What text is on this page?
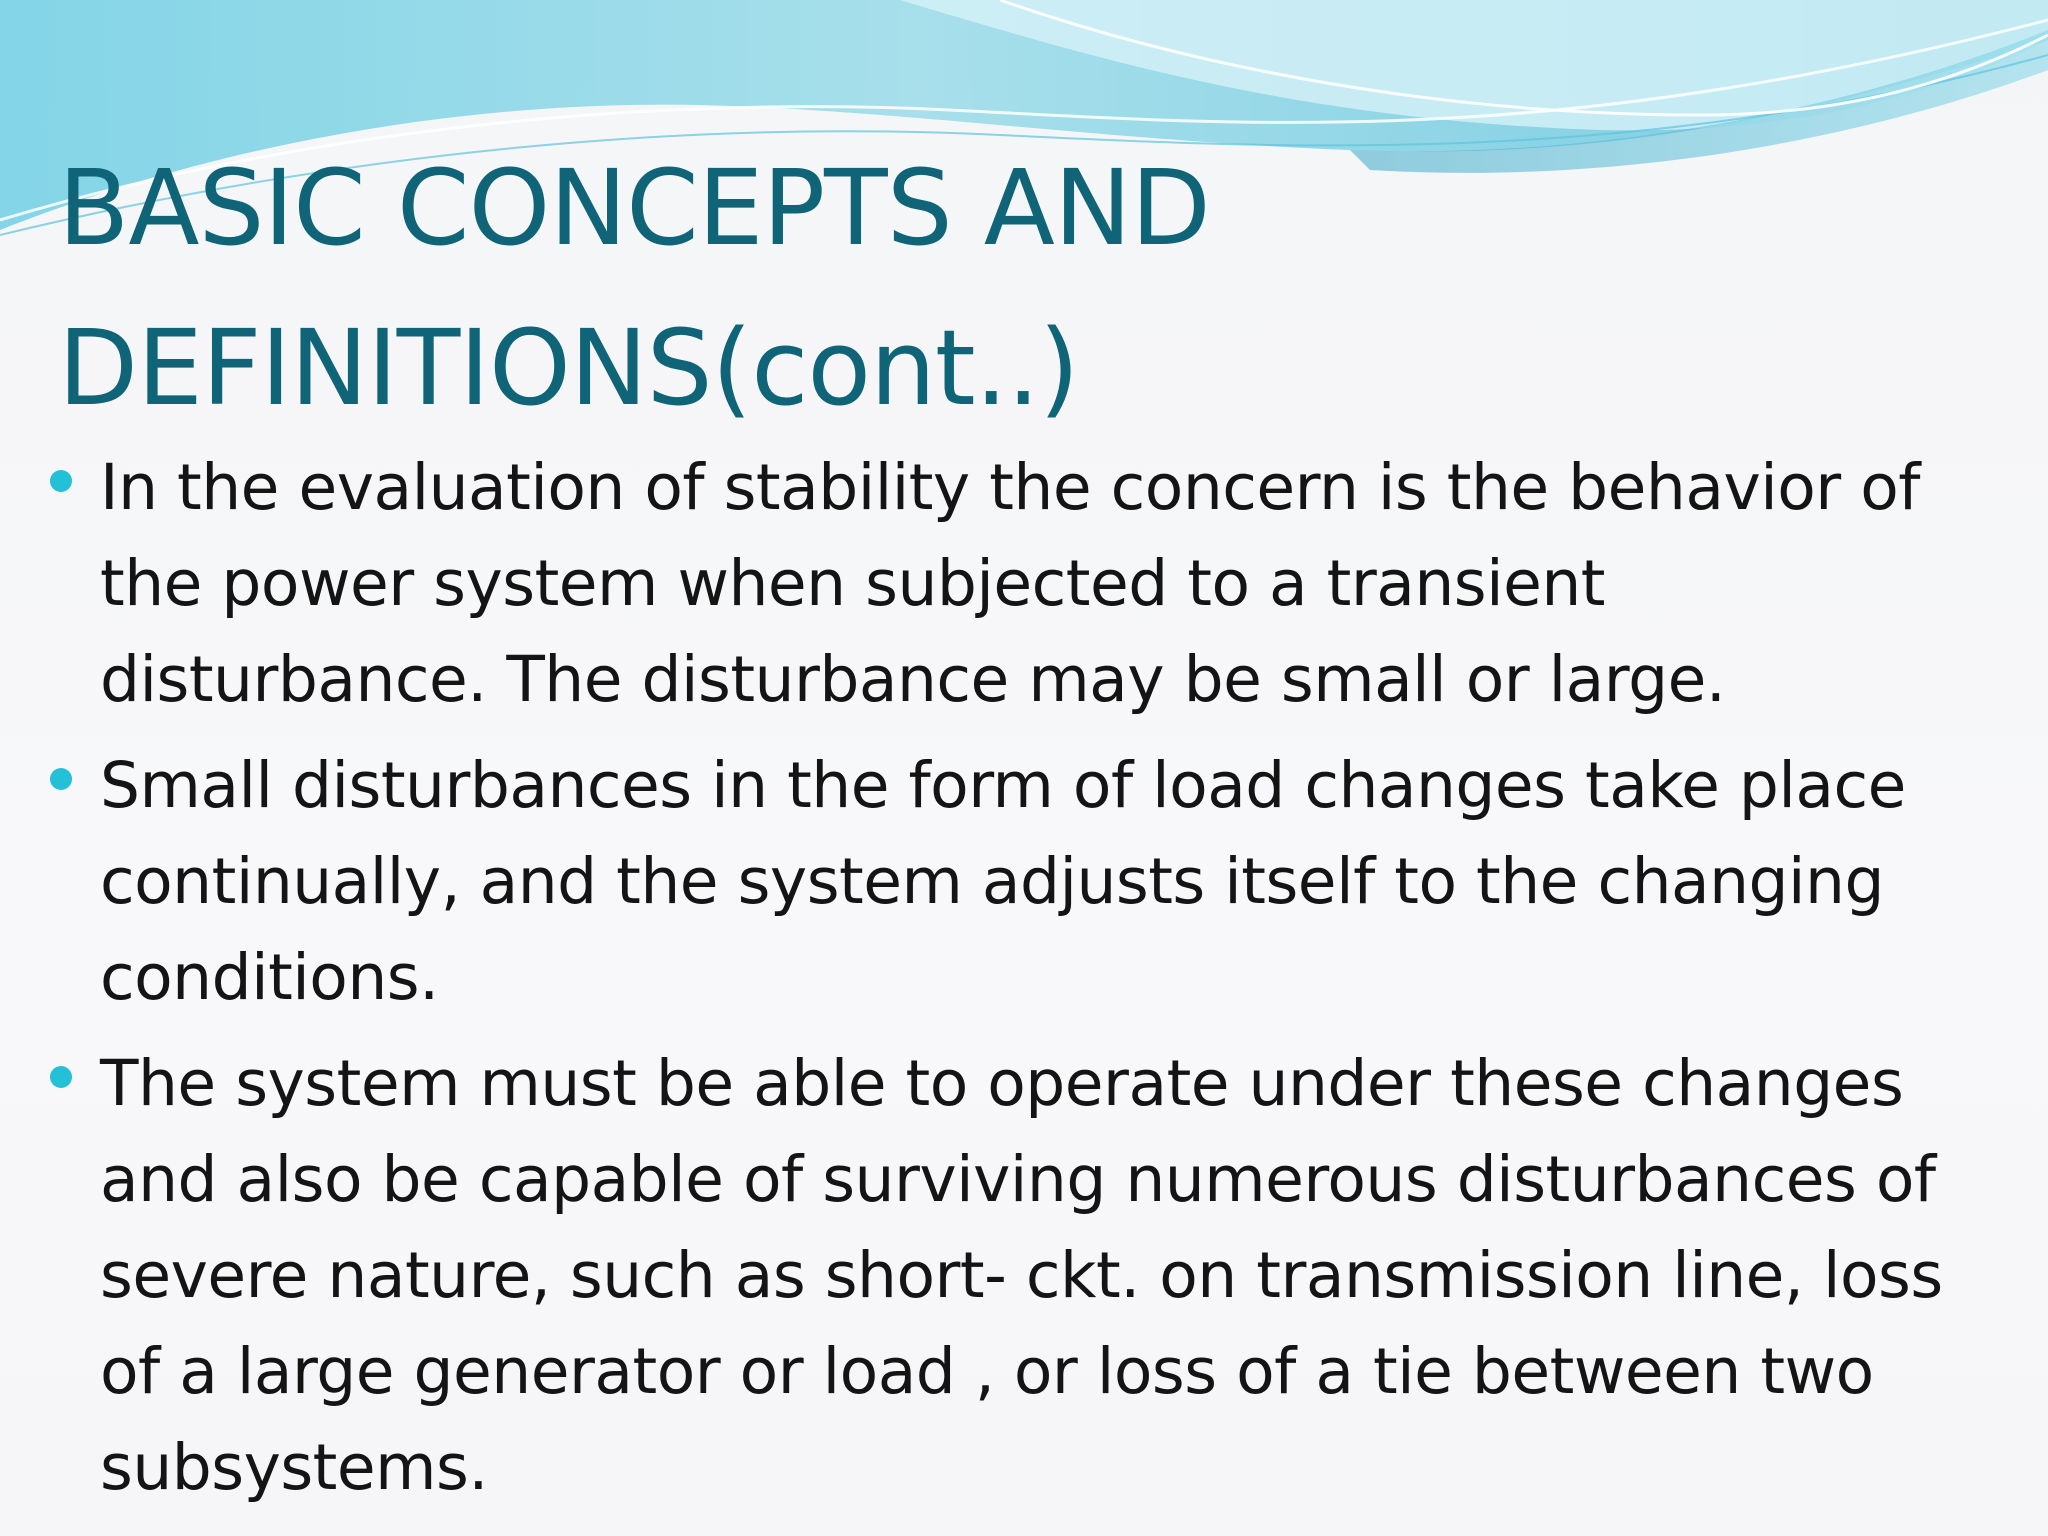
BASIC CONCEPTS AND
DEFINITIONS(cont..)
In the evaluation of stability the concern is the behavior of
the power system when subjected to a transient
disturbance. The disturbance may be small or large.
Small disturbances in the form of load changes take place
continually, and the system adjusts itself to the changing
conditions.
The system must be able to operate under these changes
and also be capable of surviving numerous disturbances of
severe nature, such as short- ckt. on transmission line, loss
of a large generator or load , or loss of a tie between two
subsystems.
